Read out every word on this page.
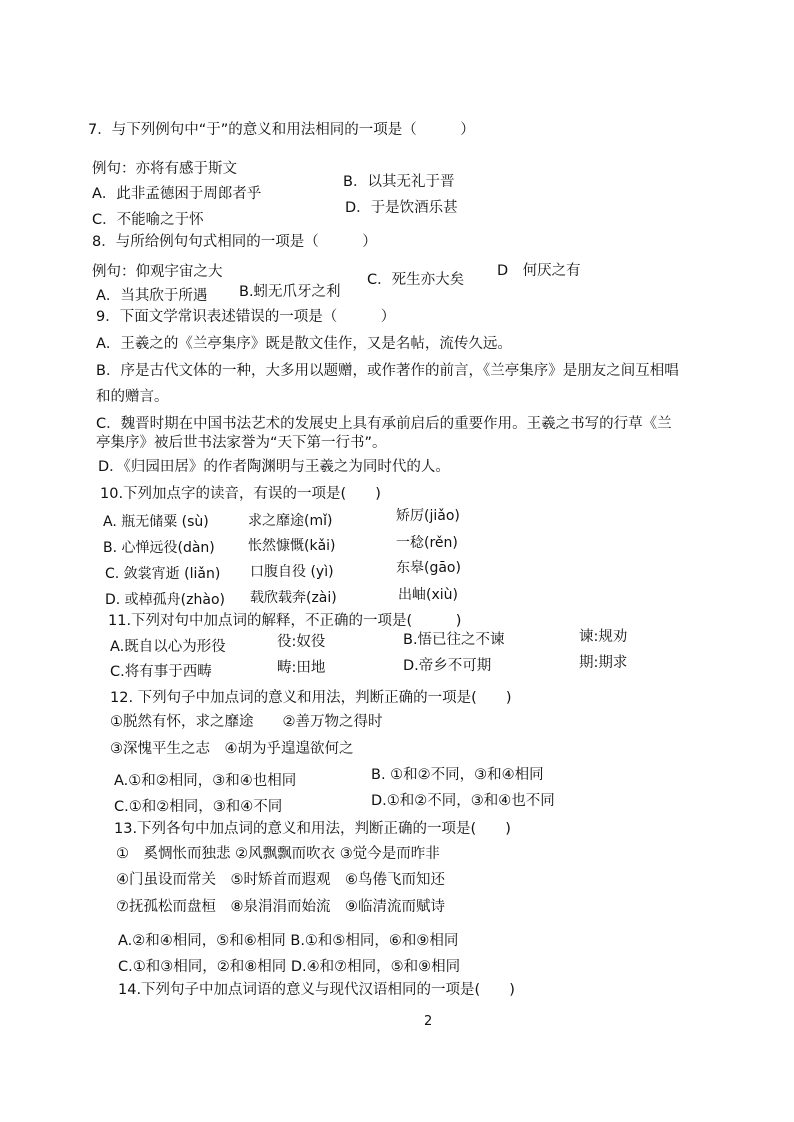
7．与下列例句中“于”的意义和用法相同的一项是（　　　）
例句：亦将有感于斯文
A．此非孟德困于周郎者乎
B．以其无礼于晋
C．不能喻之于怀
D．于是饮酒乐甚
8．与所给例句句式相同的一项是（　　　）
例句：仰观宇宙之大
A．当其欣于所遇 B.蚓无爪牙之利
C．死生亦大矣
D　何厌之有
9．下面文学常识表述错误的一项是（　　　）
A．王羲之的《兰亭集序》既是散文佳作，又是名帖，流传久远。
B．序是古代文体的一种，大多用以题赠，或作著作的前言，《兰亭集序》是朋友之间互相唱
和的赠言。
C．魏晋时期在中国书法艺术的发展史上具有承前启后的重要作用。王羲之书写的行草《兰
亭集序》被后世书法家誉为“天下第一行书”。
D．《归园田居》的作者陶渊明与王羲之为同时代的人。
10.下列加点字的读音，有误的一项是(　　)
A. 瓶无储粟 (sù)	求之靡途(mǐ)	矫厉(jiǎo)
B. 心惮远役(dàn) 怅然慷慨(kǎi)	一稔(rěn)
C. 敛裳宵逝 (liǎn) 口腹自役 (yì)	东皋(gāo)
D. 或棹孤舟(zhào) 载欣载奔(zài)	出岫(xiù)
11.下列对句中加点词的解释，不正确的一项是(　　　)
A.既自以心为形役	役:奴役	B.悟已往之不谏	谏:规劝
C.将有事于西畴	畴:田地	D.帝乡不可期	期:期求
12. 下列句子中加点词的意义和用法，判断正确的一项是(　　)
①脱然有怀，求之靡途　　②善万物之得时
③深愧平生之志　④胡为乎遑遑欲何之
A.①和②相同，③和④也相同	B. ①和②不同，③和④相同
C.①和②相同，③和④不同	D.①和②不同，③和④也不同
13.下列各句中加点词的意义和用法，判断正确的一项是(　　)
①　奚惆怅而独悲 ②风飘飘而吹衣 ③觉今是而昨非
④门虽设而常关　⑤时矫首而遐观　⑥鸟倦飞而知还
⑦抚孤松而盘桓　⑧泉涓涓而始流　⑨临清流而赋诗
A.②和④相同，⑤和⑥相同 B.①和⑤相同，⑥和⑨相同
C.①和③相同，②和⑧相同 D.④和⑦相同，⑤和⑨相同
14.下列句子中加点词语的意义与现代汉语相同的一项是(　　)
2
